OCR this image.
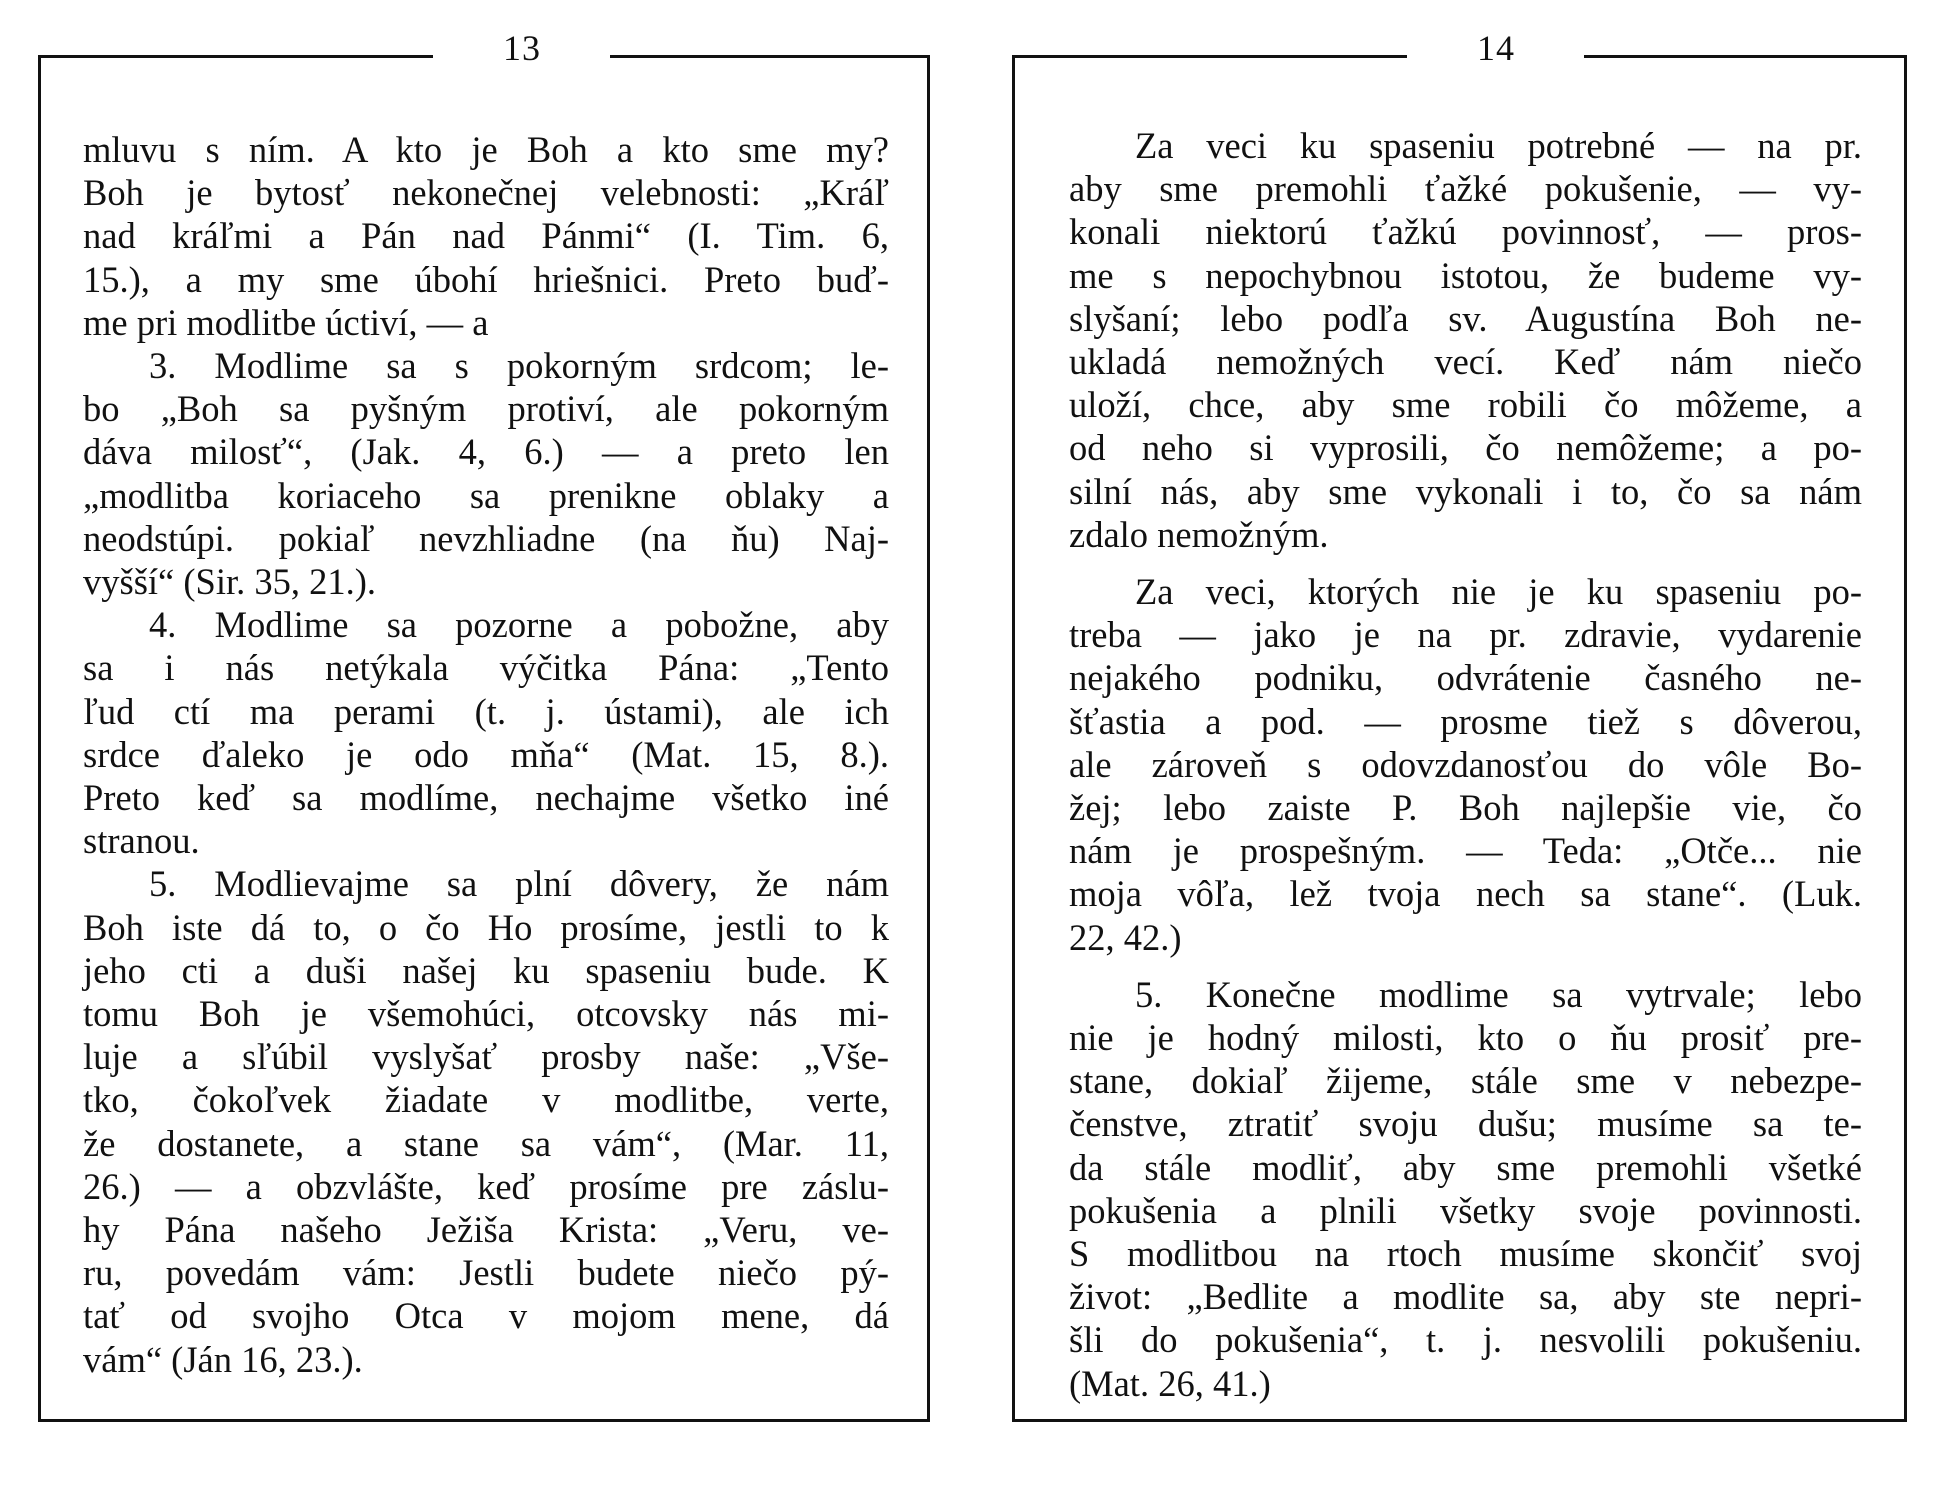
13
mluvu s ním. A kto je Boh a kto sme my?
Boh je bytosť nekonečnej velebnosti: „Kráľ
nad kráľmi a Pán nad Pánmi“ (I. Tim. 6,
15.), a my sme úbohí hriešnici. Preto buď-
me pri modlitbe úctiví, — a
3. Modlime sa s pokorným srdcom; le-
bo „Boh sa pyšným protiví, ale pokorným
dáva milosť“, (Jak. 4, 6.) — a preto len
„modlitba koriaceho sa prenikne oblaky a
neodstúpi. pokiaľ nevzhliadne (na ňu) Naj-
vyšší“ (Sir. 35, 21.).
4. Modlime sa pozorne a pobožne, aby
sa i nás netýkala výčitka Pána: „Tento
ľud ctí ma perami (t. j. ústami), ale ich
srdce ďaleko je odo mňa“ (Mat. 15, 8.).
Preto keď sa modlíme, nechajme všetko iné
stranou.
5. Modlievajme sa plní dôvery, že nám
Boh iste dá to, o čo Ho prosíme, jestli to k
jeho cti a duši našej ku spaseniu bude. K
tomu Boh je všemohúci, otcovsky nás mi-
luje a sľúbil vyslyšať prosby naše: „Vše-
tko, čokoľvek žiadate v modlitbe, verte,
že dostanete, a stane sa vám“, (Mar. 11,
26.) — a obzvlášte, keď prosíme pre záslu-
hy Pána našeho Ježiša Krista: „Veru, ve-
ru, povedám vám: Jestli budete niečo pý-
tať od svojho Otca v mojom mene, dá
vám“ (Ján 16, 23.).
14
Za veci ku spaseniu potrebné — na pr.
aby sme premohli ťažké pokušenie, — vy-
konali niektorú ťažkú povinnosť, — pros-
me s nepochybnou istotou, že budeme vy-
slyšaní; lebo podľa sv. Augustína Boh ne-
ukladá nemožných vecí. Keď nám niečo
uloží, chce, aby sme robili čo môžeme, a
od neho si vyprosili, čo nemôžeme; a po-
silní nás, aby sme vykonali i to, čo sa nám
zdalo nemožným.
Za veci, ktorých nie je ku spaseniu po-
treba — jako je na pr. zdravie, vydarenie
nejakého podniku, odvrátenie časného ne-
šťastia a pod. — prosme tiež s dôverou,
ale zároveň s odovzdanosťou do vôle Bo-
žej; lebo zaiste P. Boh najlepšie vie, čo
nám je prospešným. — Teda: „Otče... nie
moja vôľa, lež tvoja nech sa stane“. (Luk.
22, 42.)
5. Konečne modlime sa vytrvale; lebo
nie je hodný milosti, kto o ňu prosiť pre-
stane, dokiaľ žijeme, stále sme v nebezpe-
čenstve, ztratiť svoju dušu; musíme sa te-
da stále modliť, aby sme premohli všetké
pokušenia a plnili všetky svoje povinnosti.
S modlitbou na rtoch musíme skončiť svoj
život: „Bedlite a modlite sa, aby ste nepri-
šli do pokušenia“, t. j. nesvolili pokušeniu.
(Mat. 26, 41.)
